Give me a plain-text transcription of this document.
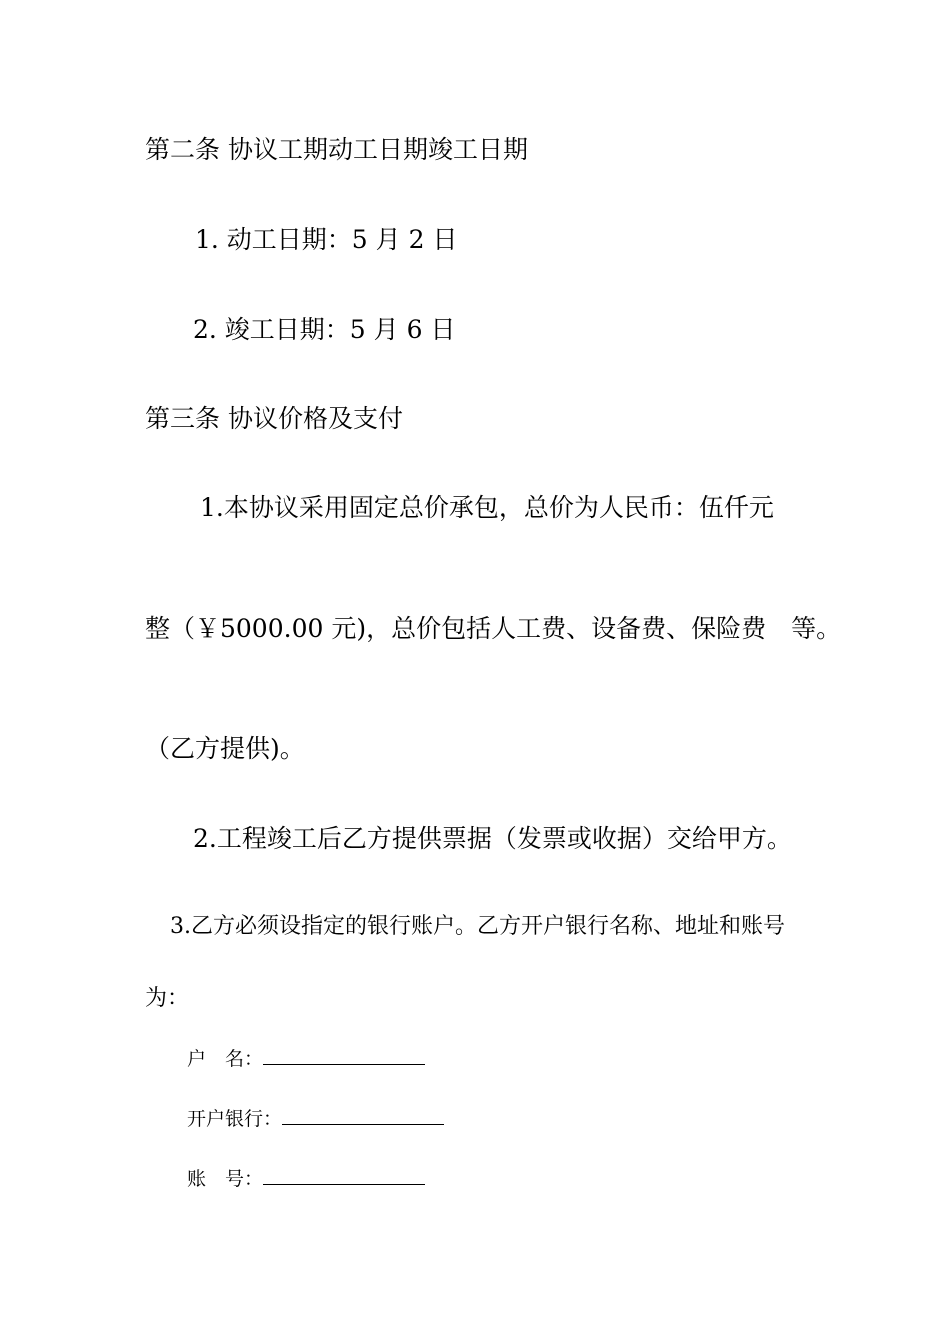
第二条 协议工期动工日期竣工日期
1. 动工日期：5 月 2 日
2. 竣工日期：5 月 6 日
第三条 协议价格及支付
1.本协议采用固定总价承包，总价为人民币：伍仟元
整（￥5000.00 元)，总价包括人工费、设备费、保险费　等。
（乙方提供)。
2.工程竣工后乙方提供票据（发票或收据）交给甲方。
3.乙方必须设指定的银行账户。乙方开户银行名称、地址和账号
为：
户　名：
开户银行：
账　号：
